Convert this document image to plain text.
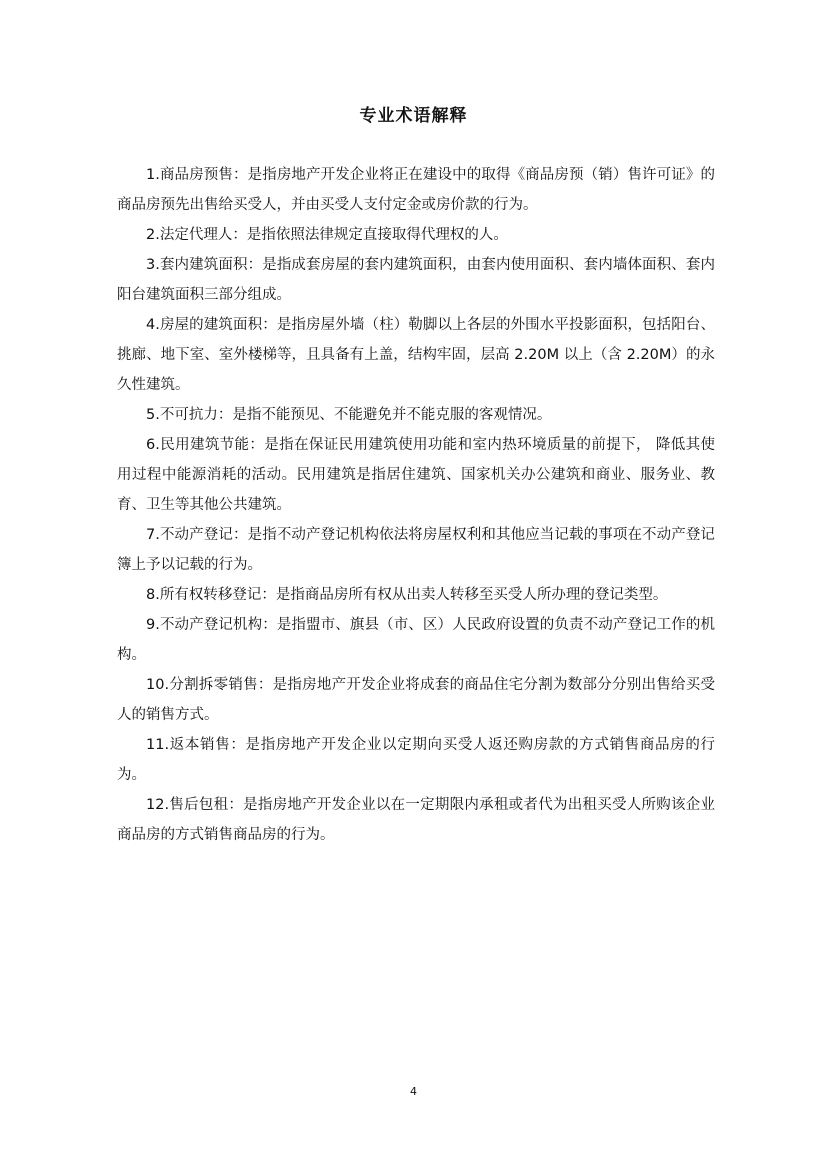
专业术语解释

1.商品房预售：是指房地产开发企业将正在建设中的取得《商品房预（销）售许可证》的商品房预先出售给买受人，并由买受人支付定金或房价款的行为。

2.法定代理人：是指依照法律规定直接取得代理权的人。

3.套内建筑面积：是指成套房屋的套内建筑面积，由套内使用面积、套内墙体面积、套内阳台建筑面积三部分组成。

4.房屋的建筑面积：是指房屋外墙（柱）勒脚以上各层的外围水平投影面积，包括阳台、挑廊、地下室、室外楼梯等，且具备有上盖，结构牢固，层高 2.20M 以上（含 2.20M）的永久性建筑。

5.不可抗力：是指不能预见、不能避免并不能克服的客观情况。

6.民用建筑节能：是指在保证民用建筑使用功能和室内热环境质量的前提下， 降低其使用过程中能源消耗的活动。民用建筑是指居住建筑、国家机关办公建筑和商业、服务业、教育、卫生等其他公共建筑。

7.不动产登记：是指不动产登记机构依法将房屋权利和其他应当记载的事项在不动产登记簿上予以记载的行为。

8.所有权转移登记：是指商品房所有权从出卖人转移至买受人所办理的登记类型。

9.不动产登记机构：是指盟市、旗县（市、区）人民政府设置的负责不动产登记工作的机构。

10.分割拆零销售：是指房地产开发企业将成套的商品住宅分割为数部分分别出售给买受人的销售方式。

11.返本销售：是指房地产开发企业以定期向买受人返还购房款的方式销售商品房的行为。

12.售后包租：是指房地产开发企业以在一定期限内承租或者代为出租买受人所购该企业商品房的方式销售商品房的行为。

4
